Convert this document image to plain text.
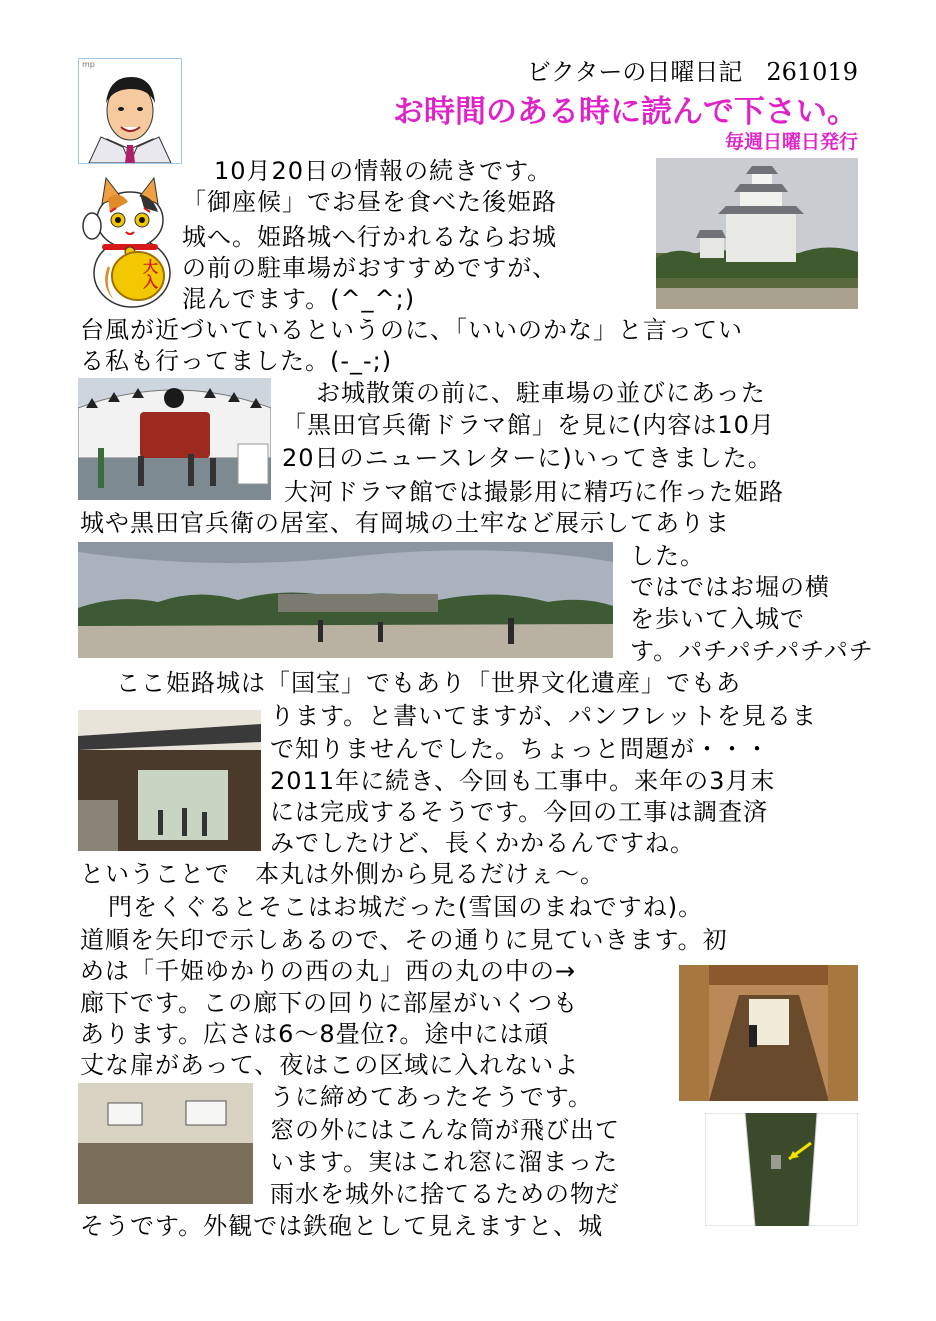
ビクターの日曜日記　261019
お時間のある時に読んで下さい。
毎週日曜日発行
mp
大入
10月20日の情報の続きです。
「御座候」でお昼を食べた後姫路
城へ。姫路城へ行かれるならお城
の前の駐車場がおすすめですが、
混んでます。(^_^;)
台風が近づいているというのに、「いいのかな」と言ってい
る私も行ってました。(-_-;)
お城散策の前に、駐車場の並びにあった
「黒田官兵衛ドラマ館」を見に(内容は10月
20日のニュースレターに)いってきました。
大河ドラマ館では撮影用に精巧に作った姫路
城や黒田官兵衛の居室、有岡城の土牢など展示してありま
した。
ではではお堀の横
を歩いて入城で
す。パチパチパチパチ
ここ姫路城は「国宝」でもあり「世界文化遺産」でもあ
ります。と書いてますが、パンフレットを見るま
で知りませんでした。ちょっと問題が・・・
2011年に続き、今回も工事中。来年の3月末
には完成するそうです。今回の工事は調査済
みでしたけど、長くかかるんですね。
ということで　本丸は外側から見るだけぇ〜。
門をくぐるとそこはお城だった(雪国のまねですね)。
道順を矢印で示しあるので、その通りに見ていきます。初
めは「千姫ゆかりの西の丸」西の丸の中の→
廊下です。この廊下の回りに部屋がいくつも
あります。広さは6〜8畳位?。途中には頑
丈な扉があって、夜はこの区域に入れないよ
うに締めてあったそうです。
窓の外にはこんな筒が飛び出て
います。実はこれ窓に溜まった
雨水を城外に捨てるための物だ
そうです。外観では鉄砲として見えますと、城
